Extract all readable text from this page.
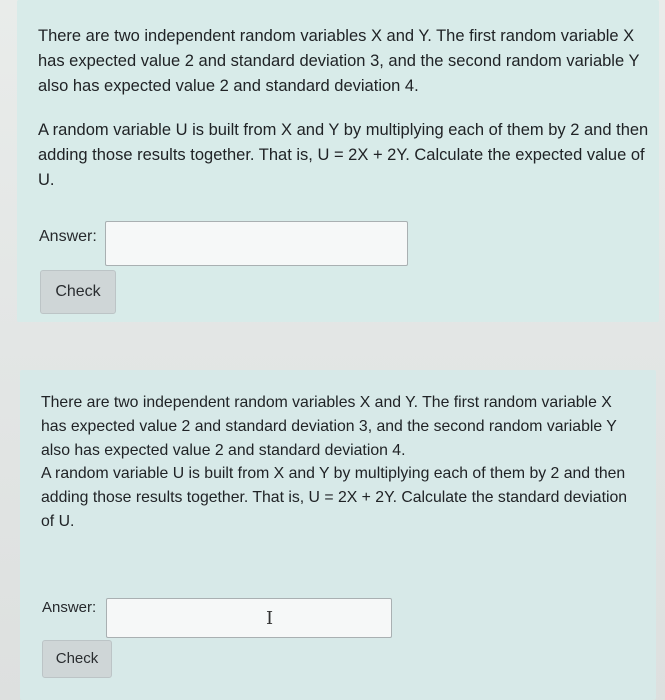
There are two independent random variables X and Y. The first random variable X has expected value 2 and standard deviation 3, and the second random variable Y also has expected value 2 and standard deviation 4.
A random variable U is built from X and Y by multiplying each of them by 2 and then adding those results together. That is, U = 2X + 2Y. Calculate the expected value of U.
Answer:
Check
There are two independent random variables X and Y. The first random variable X has expected value 2 and standard deviation 3, and the second random variable Y also has expected value 2 and standard deviation 4.
A random variable U is built from X and Y by multiplying each of them by 2 and then adding those results together. That is, U = 2X + 2Y. Calculate the standard deviation of U.
Answer:
I
Check
